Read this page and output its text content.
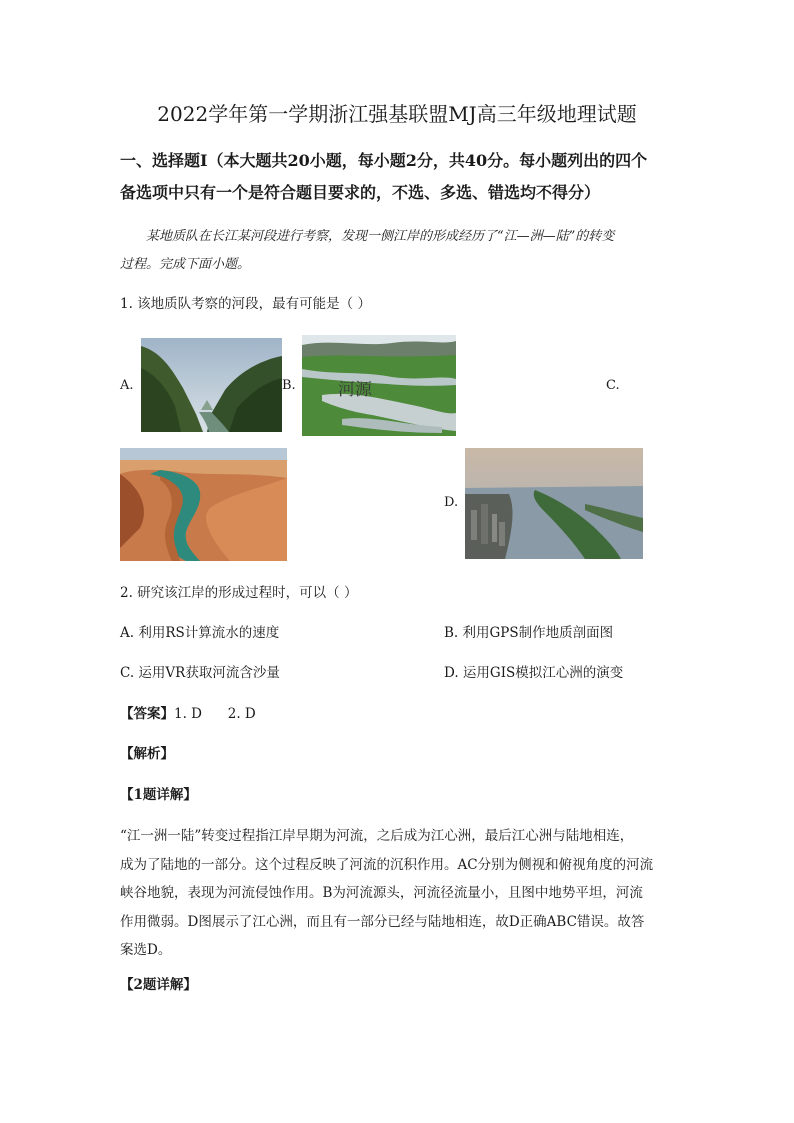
2022学年第一学期浙江强基联盟MJ高三年级地理试题
一、选择题Ⅰ（本大题共20小题，每小题2分，共40分。每小题列出的四个
备选项中只有一个是符合题目要求的，不选、多选、错选均不得分）
某地质队在长江某河段进行考察，发现一侧江岸的形成经历了“江—洲—陆”的转变
过程。完成下面小题。
1. 该地质队考察的河段，最有可能是（ ）
A.	B. 河源	C.
D.
2. 研究该江岸的形成过程时，可以（ ）
A. 利用RS计算流水的速度	B. 利用GPS制作地质剖面图
C. 运用VR获取河流含沙量	D. 运用GIS模拟江心洲的演变
【答案】1. D      2. D
【解析】
【1题详解】
“江一洲一陆”转变过程指江岸早期为河流，之后成为江心洲，最后江心洲与陆地相连，
成为了陆地的一部分。这个过程反映了河流的沉积作用。AC分别为侧视和俯视角度的河流
峡谷地貌，表现为河流侵蚀作用。B为河流源头，河流径流量小，且图中地势平坦，河流
作用微弱。D图展示了江心洲，而且有一部分已经与陆地相连，故D正确ABC错误。故答
案选D。
【2题详解】
